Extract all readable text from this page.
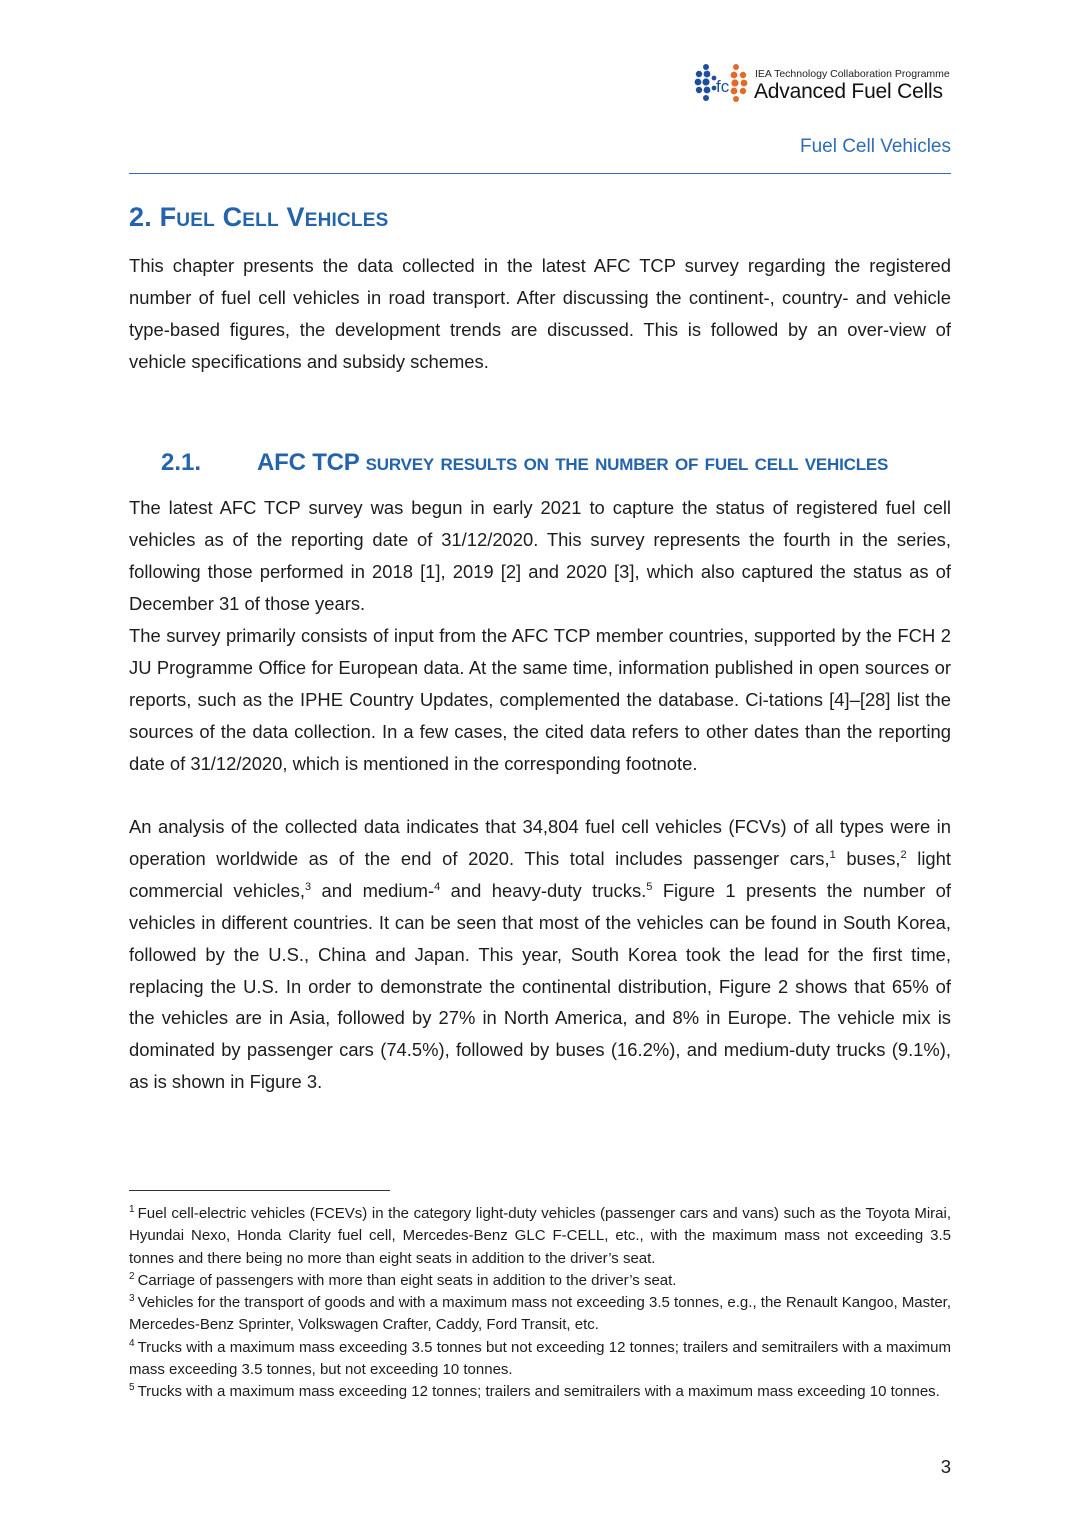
fc
IEA Technology Collaboration Programme
Advanced Fuel Cells
Fuel Cell Vehicles
2. Fuel Cell Vehicles

This chapter presents the data collected in the latest AFC TCP survey regarding the registered number of fuel cell vehicles in road transport. After discussing the continent-, country- and vehicle type-based figures, the development trends are discussed. This is followed by an over-view of vehicle specifications and subsidy schemes.

2.1. AFC TCP survey results on the number of fuel cell vehicles

The latest AFC TCP survey was begun in early 2021 to capture the status of registered fuel cell vehicles as of the reporting date of 31/12/2020. This survey represents the fourth in the series, following those performed in 2018 [1], 2019 [2] and 2020 [3], which also captured the status as of December 31 of those years.

The survey primarily consists of input from the AFC TCP member countries, supported by the FCH 2 JU Programme Office for European data. At the same time, information published in open sources or reports, such as the IPHE Country Updates, complemented the database. Ci-tations [4]–[28] list the sources of the data collection. In a few cases, the cited data refers to other dates than the reporting date of 31/12/2020, which is mentioned in the corresponding footnote.

An analysis of the collected data indicates that 34,804 fuel cell vehicles (FCVs) of all types were in operation worldwide as of the end of 2020. This total includes passenger cars,$^1$ buses,$^2$ light commercial vehicles,$^3$ and medium-$^4$ and heavy-duty trucks.$^5$ Figure 1 presents the number of vehicles in different countries. It can be seen that most of the vehicles can be found in South Korea, followed by the U.S., China and Japan. This year, South Korea took the lead for the first time, replacing the U.S. In order to demonstrate the continental distribution, Figure 2 shows that 65% of the vehicles are in Asia, followed by 27% in North America, and 8% in Europe. The vehicle mix is dominated by passenger cars (74.5%), followed by buses (16.2%), and medium-duty trucks (9.1%), as is shown in Figure 3.

$^1$ Fuel cell-electric vehicles (FCEVs) in the category light-duty vehicles (passenger cars and vans) such as the Toyota Mirai, Hyundai Nexo, Honda Clarity fuel cell, Mercedes-Benz GLC F-CELL, etc., with the maximum mass not exceeding 3.5 tonnes and there being no more than eight seats in addition to the driver’s seat.

$^2$ Carriage of passengers with more than eight seats in addition to the driver’s seat.

$^3$ Vehicles for the transport of goods and with a maximum mass not exceeding 3.5 tonnes, e.g., the Renault Kangoo, Master, Mercedes-Benz Sprinter, Volkswagen Crafter, Caddy, Ford Transit, etc.

$^4$ Trucks with a maximum mass exceeding 3.5 tonnes but not exceeding 12 tonnes; trailers and semitrailers with a maximum mass exceeding 3.5 tonnes, but not exceeding 10 tonnes.

$^5$ Trucks with a maximum mass exceeding 12 tonnes; trailers and semitrailers with a maximum mass exceeding 10 tonnes.

3
